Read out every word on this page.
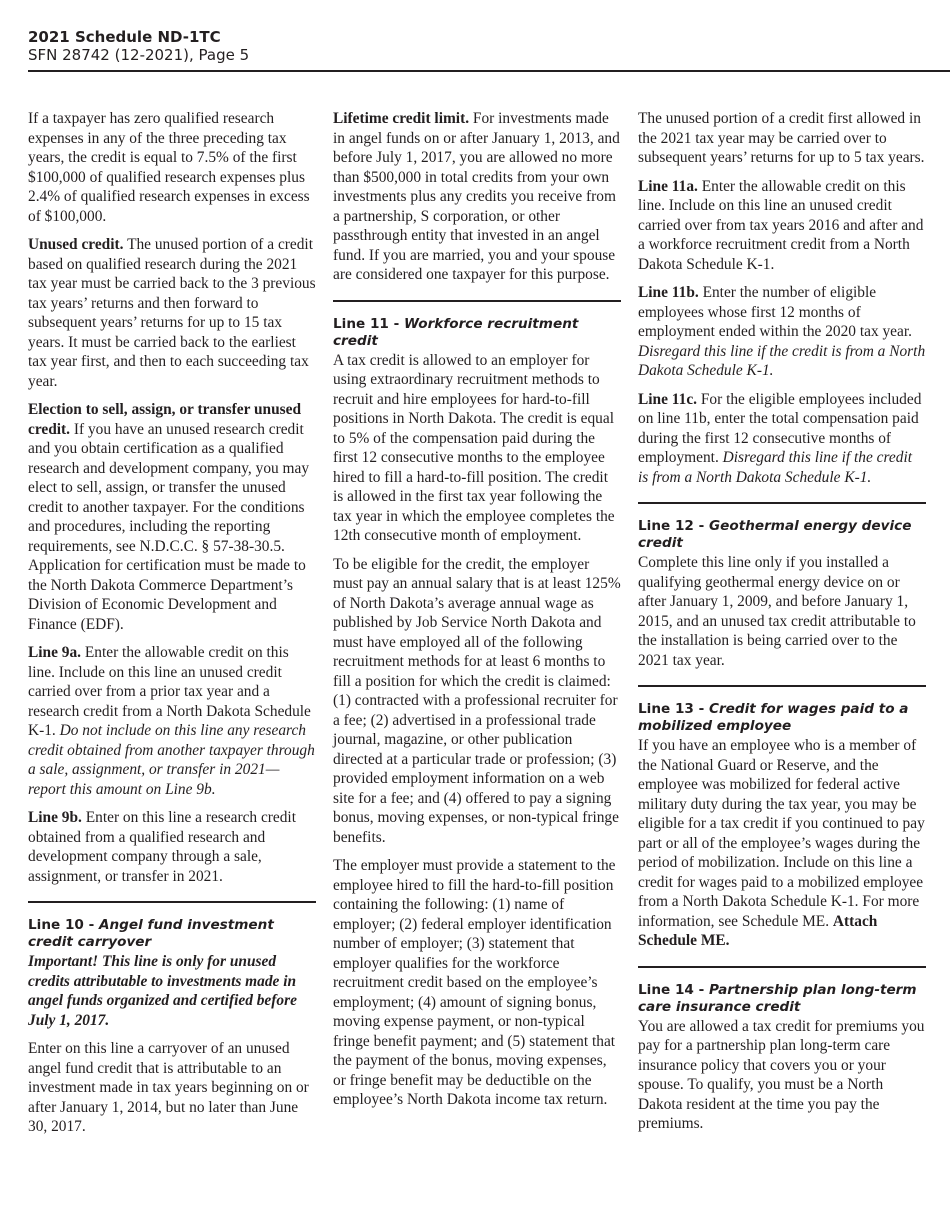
2021 Schedule ND-1TC
SFN 28742 (12-2021), Page 5

If a taxpayer has zero qualified research expenses in any of the three preceding tax years, the credit is equal to 7.5% of the first $100,000 of qualified research expenses plus 2.4% of qualified research expenses in excess of $100,000.

Unused credit. The unused portion of a credit based on qualified research during the 2021 tax year must be carried back to the 3 previous tax years’ returns and then forward to subsequent years’ returns for up to 15 tax years. It must be carried back to the earliest tax year first, and then to each succeeding tax year.

Election to sell, assign, or transfer unused credit. If you have an unused research credit and you obtain certification as a qualified research and development company, you may elect to sell, assign, or transfer the unused credit to another taxpayer. For the conditions and procedures, including the reporting requirements, see N.D.C.C. § 57-38-30.5. Application for certification must be made to the North Dakota Commerce Department’s Division of Economic Development and Finance (EDF).

Line 9a. Enter the allowable credit on this line. Include on this line an unused credit carried over from a prior tax year and a research credit from a North Dakota Schedule K-1. Do not include on this line any research credit obtained from another taxpayer through a sale, assignment, or transfer in 2021—report this amount on Line 9b.

Line 9b. Enter on this line a research credit obtained from a qualified research and development company through a sale, assignment, or transfer in 2021.

Line 10 - Angel fund investment credit carryover

Important! This line is only for unused credits attributable to investments made in angel funds organized and certified before July 1, 2017.

Enter on this line a carryover of an unused angel fund credit that is attributable to an investment made in tax years beginning on or after January 1, 2014, but no later than June 30, 2017.

Lifetime credit limit. For investments made in angel funds on or after January 1, 2013, and before July 1, 2017, you are allowed no more than $500,000 in total credits from your own investments plus any credits you receive from a partnership, S corporation, or other passthrough entity that invested in an angel fund. If you are married, you and your spouse are considered one taxpayer for this purpose.

Line 11 - Workforce recruitment credit

A tax credit is allowed to an employer for using extraordinary recruitment methods to recruit and hire employees for hard-to-fill positions in North Dakota. The credit is equal to 5% of the compensation paid during the first 12 consecutive months to the employee hired to fill a hard-to-fill position. The credit is allowed in the first tax year following the tax year in which the employee completes the 12th consecutive month of employment.

To be eligible for the credit, the employer must pay an annual salary that is at least 125% of North Dakota’s average annual wage as published by Job Service North Dakota and must have employed all of the following recruitment methods for at least 6 months to fill a position for which the credit is claimed: (1) contracted with a professional recruiter for a fee; (2) advertised in a professional trade journal, magazine, or other publication directed at a particular trade or profession; (3) provided employment information on a web site for a fee; and (4) offered to pay a signing bonus, moving expenses, or non-typical fringe benefits.

The employer must provide a statement to the employee hired to fill the hard-to-fill position containing the following: (1) name of employer; (2) federal employer identification number of employer; (3) statement that employer qualifies for the workforce recruitment credit based on the employee’s employment; (4) amount of signing bonus, moving expense payment, or non-typical fringe benefit payment; and (5) statement that the payment of the bonus, moving expenses, or fringe benefit may be deductible on the employee’s North Dakota income tax return.

The unused portion of a credit first allowed in the 2021 tax year may be carried over to subsequent years’ returns for up to 5 tax years.

Line 11a. Enter the allowable credit on this line. Include on this line an unused credit carried over from tax years 2016 and after and a workforce recruitment credit from a North Dakota Schedule K-1.

Line 11b. Enter the number of eligible employees whose first 12 months of employment ended within the 2020 tax year. Disregard this line if the credit is from a North Dakota Schedule K-1.

Line 11c. For the eligible employees included on line 11b, enter the total compensation paid during the first 12 consecutive months of employment. Disregard this line if the credit is from a North Dakota Schedule K-1.

Line 12 - Geothermal energy device credit

Complete this line only if you installed a qualifying geothermal energy device on or after January 1, 2009, and before January 1, 2015, and an unused tax credit attributable to the installation is being carried over to the 2021 tax year.

Line 13 - Credit for wages paid to a mobilized employee

If you have an employee who is a member of the National Guard or Reserve, and the employee was mobilized for federal active military duty during the tax year, you may be eligible for a tax credit if you continued to pay part or all of the employee’s wages during the period of mobilization. Include on this line a credit for wages paid to a mobilized employee from a North Dakota Schedule K-1. For more information, see Schedule ME. Attach Schedule ME.

Line 14 - Partnership plan long-term care insurance credit

You are allowed a tax credit for premiums you pay for a partnership plan long-term care insurance policy that covers you or your spouse. To qualify, you must be a North Dakota resident at the time you pay the premiums.
